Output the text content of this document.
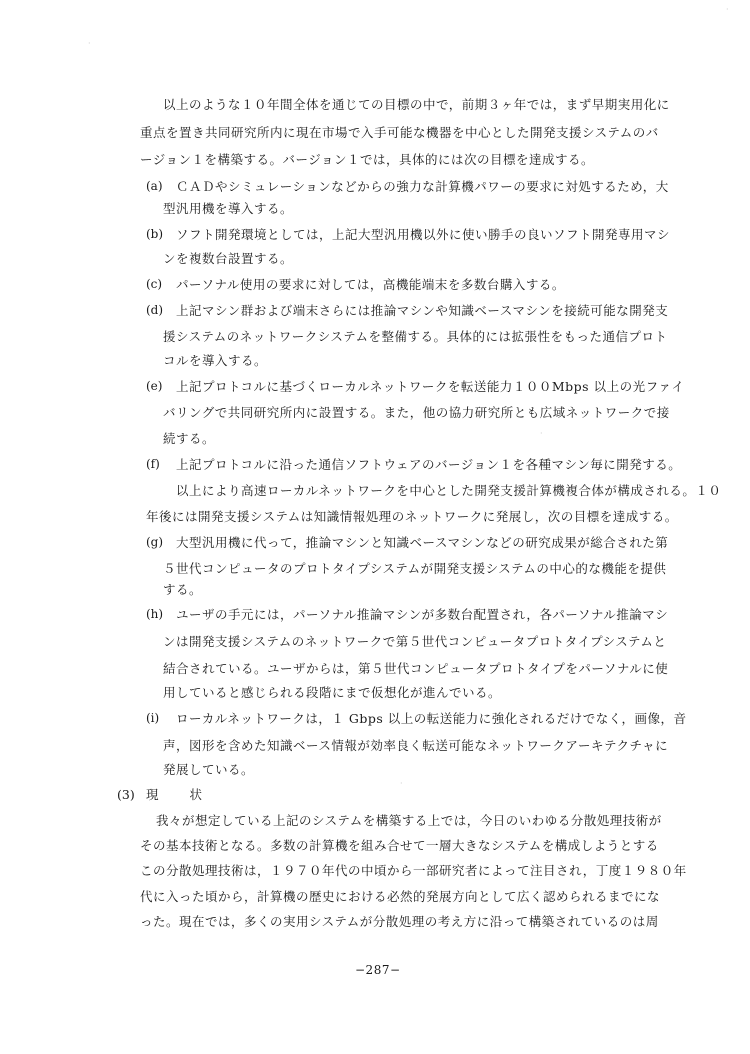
以上のような１０年間全体を通じての目標の中で，前期３ヶ年では，まず早期実用化に
重点を置き共同研究所内に現在市場で入手可能な機器を中心とした開発支援システムのバ
ージョン１を構築する。バージョン１では，具体的には次の目標を達成する。
(a) ＣＡＤやシミュレーションなどからの強力な計算機パワーの要求に対処するため，大
型汎用機を導入する。
(b) ソフト開発環境としては，上記大型汎用機以外に使い勝手の良いソフト開発専用マシ
ンを複数台設置する。
(c) パーソナル使用の要求に対しては，高機能端末を多数台購入する。
(d) 上記マシン群および端末さらには推論マシンや知識ベースマシンを接続可能な開発支
援システムのネットワークシステムを整備する。具体的には拡張性をもった通信プロト
コルを導入する。
(e) 上記プロトコルに基づくローカルネットワークを転送能力１００Mbps 以上の光ファイ
バリングで共同研究所内に設置する。また，他の協力研究所とも広域ネットワークで接
続する。
(f) 上記プロトコルに沿った通信ソフトウェアのバージョン１を各種マシン毎に開発する。
以上により高速ローカルネットワークを中心とした開発支援計算機複合体が構成される。１０
年後には開発支援システムは知識情報処理のネットワークに発展し，次の目標を達成する。
(g) 大型汎用機に代って，推論マシンと知識ベースマシンなどの研究成果が総合された第
５世代コンピュータのプロトタイプシステムが開発支援システムの中心的な機能を提供
する。
(h) ユーザの手元には，パーソナル推論マシンが多数台配置され，各パーソナル推論マシ
ンは開発支援システムのネットワークで第５世代コンピュータプロトタイプシステムと
結合されている。ユーザからは，第５世代コンピュータプロトタイプをパーソナルに使
用していると感じられる段階にまで仮想化が進んでいる。
(i) ローカルネットワークは，１ Gbps 以上の転送能力に強化されるだけでなく，画像，音
声，図形を含めた知識ベース情報が効率良く転送可能なネットワークアーキテクチャに
発展している。
(3) 現　　状
我々が想定している上記のシステムを構築する上では，今日のいわゆる分散処理技術が
その基本技術となる。多数の計算機を組み合せて一層大きなシステムを構成しようとする
この分散処理技術は，１９７０年代の中頃から一部研究者によって注目され，丁度１９８０年
代に入った頃から，計算機の歴史における必然的発展方向として広く認められるまでにな
った。現在では，多くの実用システムが分散処理の考え方に沿って構築されているのは周
−287−
·
·
·
·
